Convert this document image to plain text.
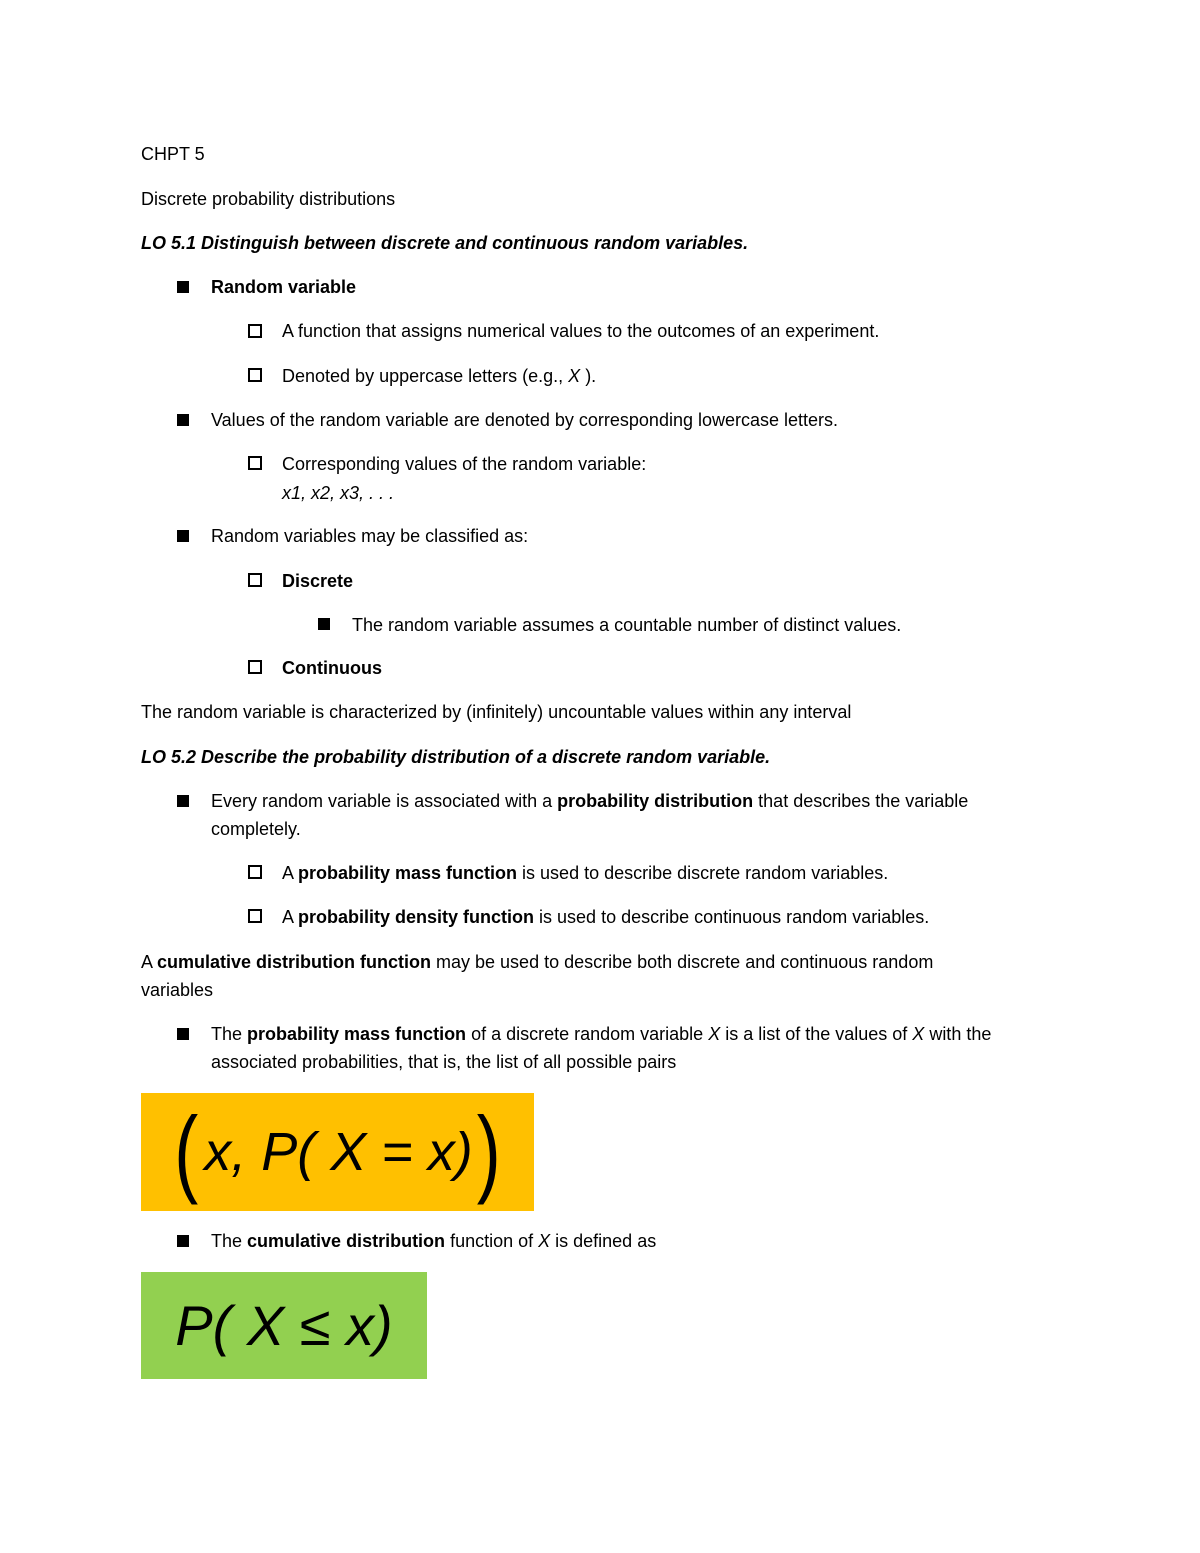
CHPT 5
Discrete probability distributions
LO 5.1 Distinguish between discrete and continuous random variables.
Random variable
A function that assigns numerical values to the outcomes of an experiment.
Denoted by uppercase letters (e.g., X ).
Values of the random variable are denoted by corresponding lowercase letters.
Corresponding values of the random variable:
x1, x2, x3, . . .
Random variables may be classified as:
Discrete
The random variable assumes a countable number of distinct values.
Continuous
The random variable is characterized by (infinitely) uncountable values within any interval
LO 5.2 Describe the probability distribution of a discrete random variable.
Every random variable is associated with a probability distribution that describes the variable
completely.
A probability mass function is used to describe discrete random variables.
A probability density function is used to describe continuous random variables.
A cumulative distribution function may be used to describe both discrete and continuous random
variables
The probability mass function of a discrete random variable X is a list of the values of X with the
associated probabilities, that is, the list of all possible pairs
( x, P( X = x) )
The cumulative distribution function of X is defined as
P( X ≤ x)
